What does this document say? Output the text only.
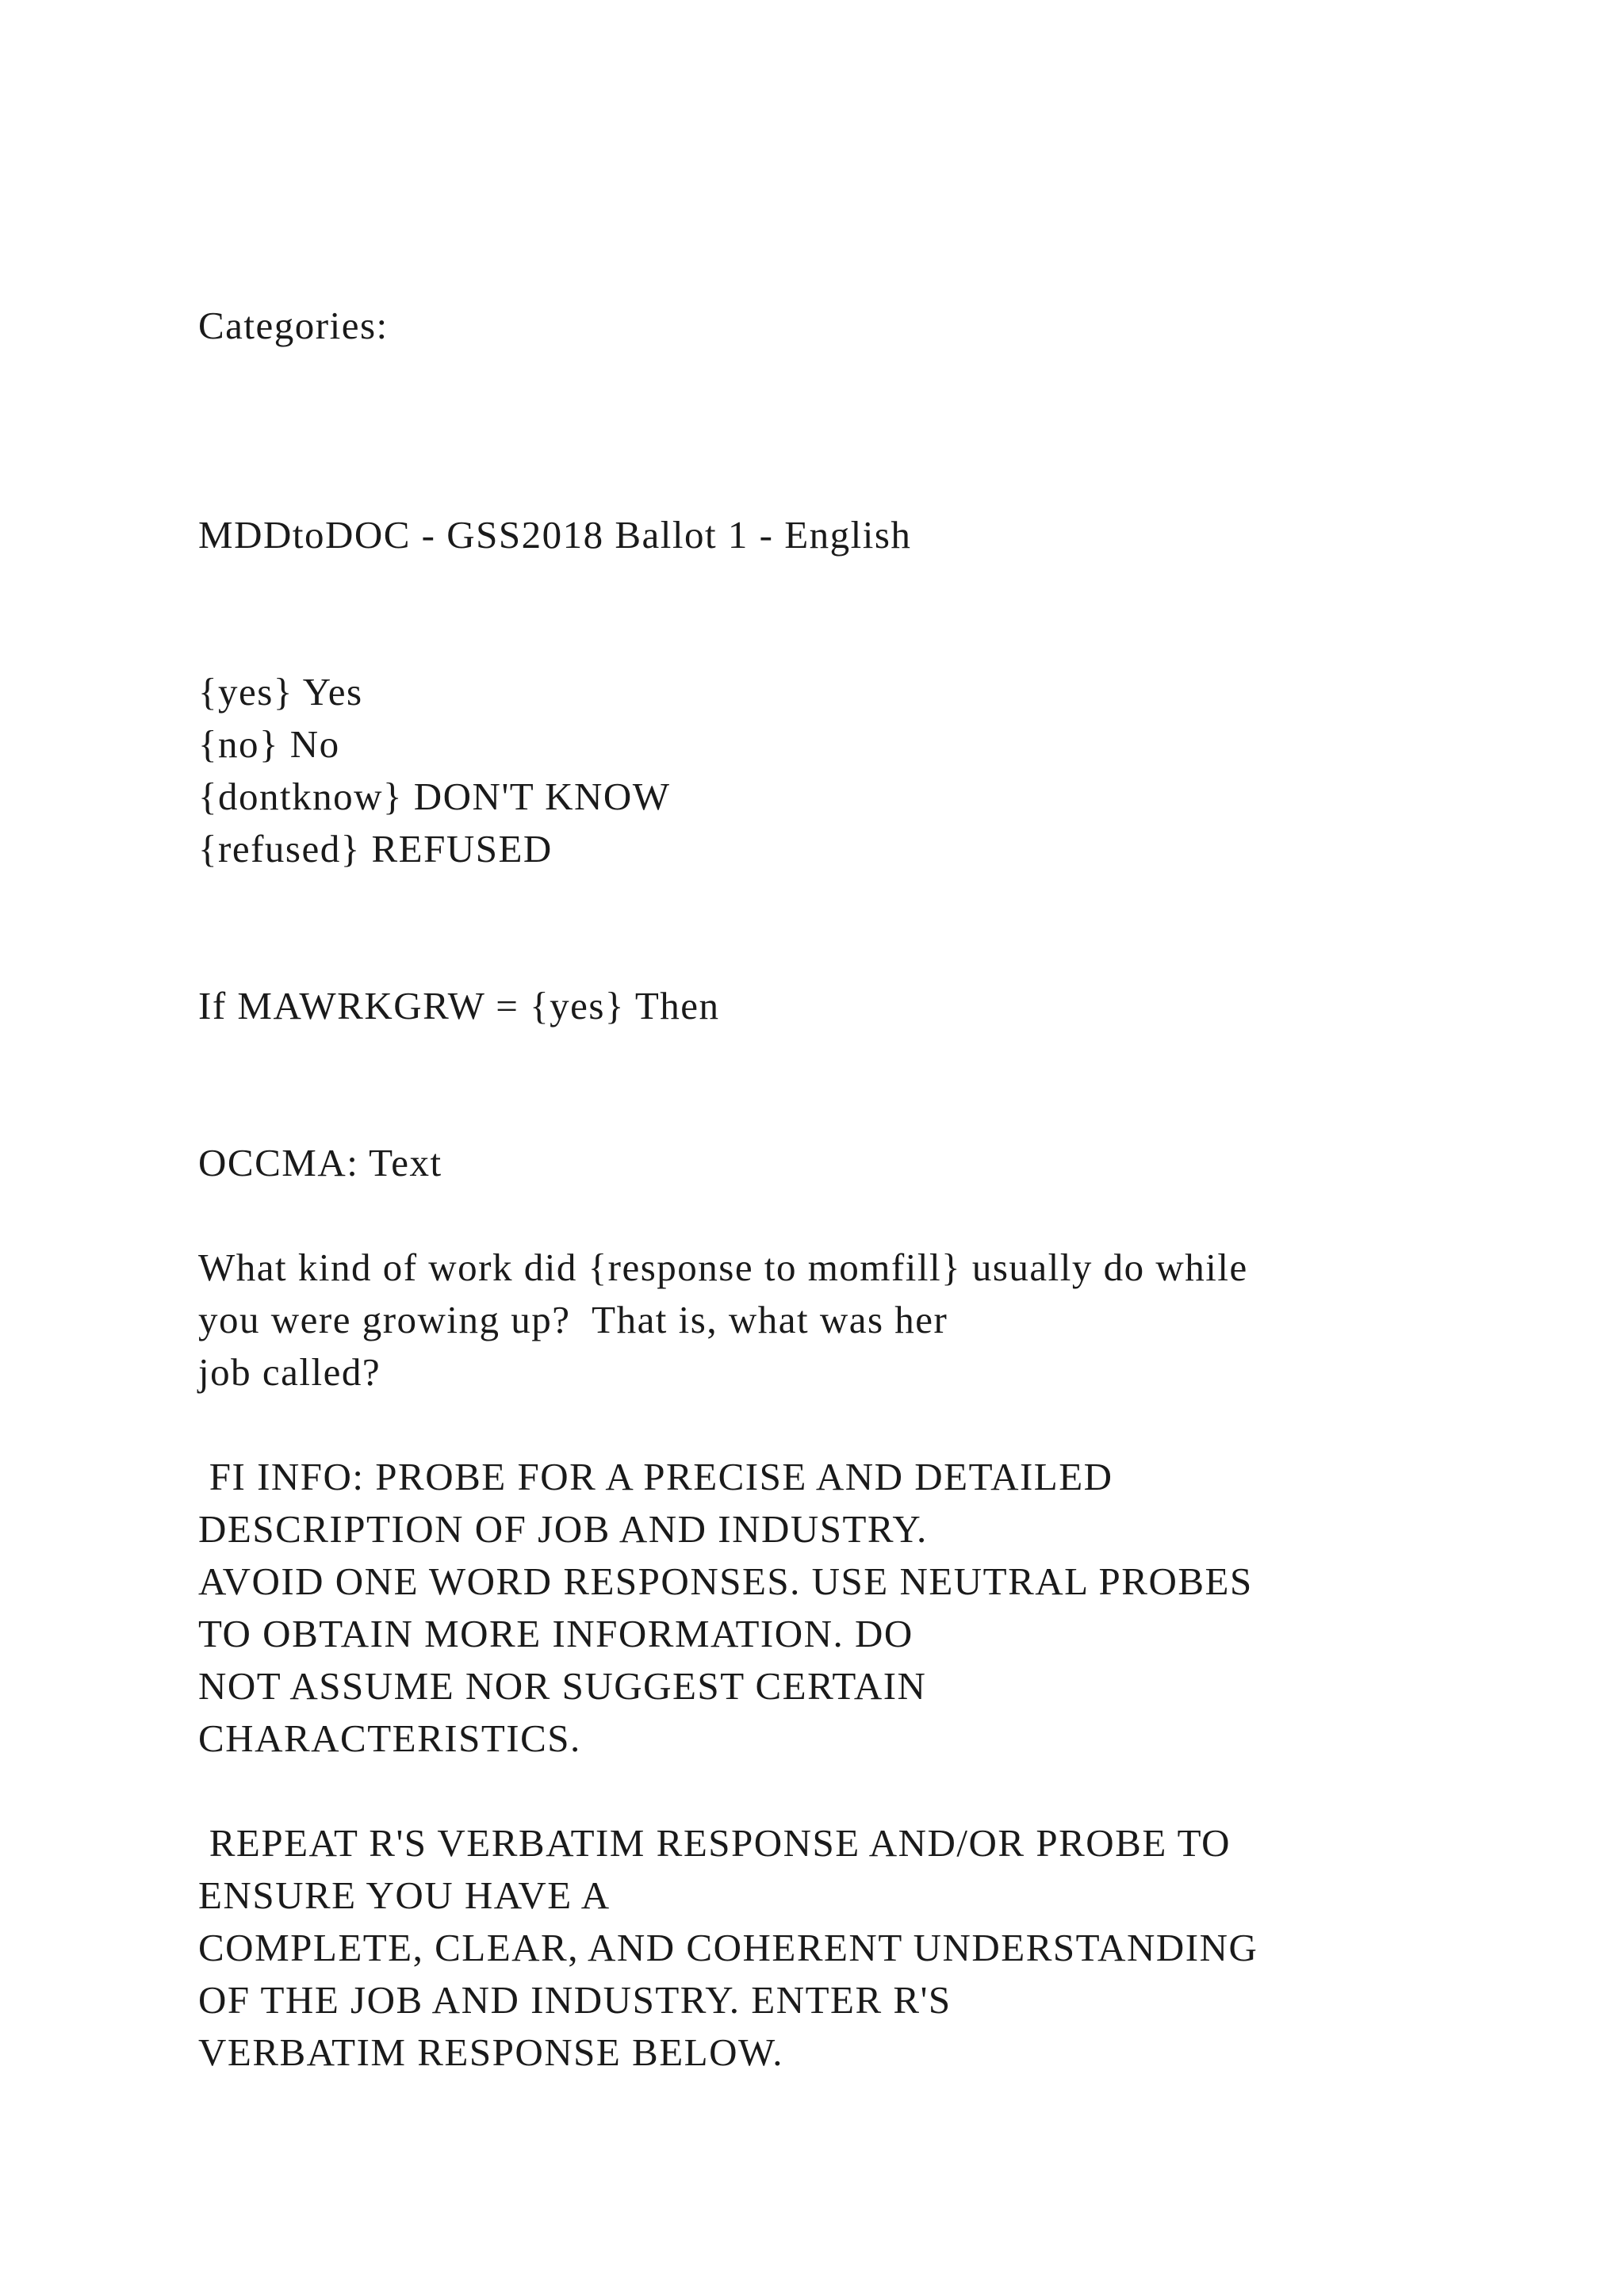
Categories:
MDDtoDOC - GSS2018 Ballot 1 - English
{yes} Yes
{no} No
{dontknow} DON'T KNOW
{refused} REFUSED
If MAWRKGRW = {yes} Then
OCCMA: Text
What kind of work did {response to momfill} usually do while
you were growing up?  That is, what was her
job called?
FI INFO: PROBE FOR A PRECISE AND DETAILED
DESCRIPTION OF JOB AND INDUSTRY.
AVOID ONE WORD RESPONSES. USE NEUTRAL PROBES
TO OBTAIN MORE INFORMATION. DO
NOT ASSUME NOR SUGGEST CERTAIN
CHARACTERISTICS.
REPEAT R'S VERBATIM RESPONSE AND/OR PROBE TO
ENSURE YOU HAVE A
COMPLETE, CLEAR, AND COHERENT UNDERSTANDING
OF THE JOB AND INDUSTRY. ENTER R'S
VERBATIM RESPONSE BELOW.
